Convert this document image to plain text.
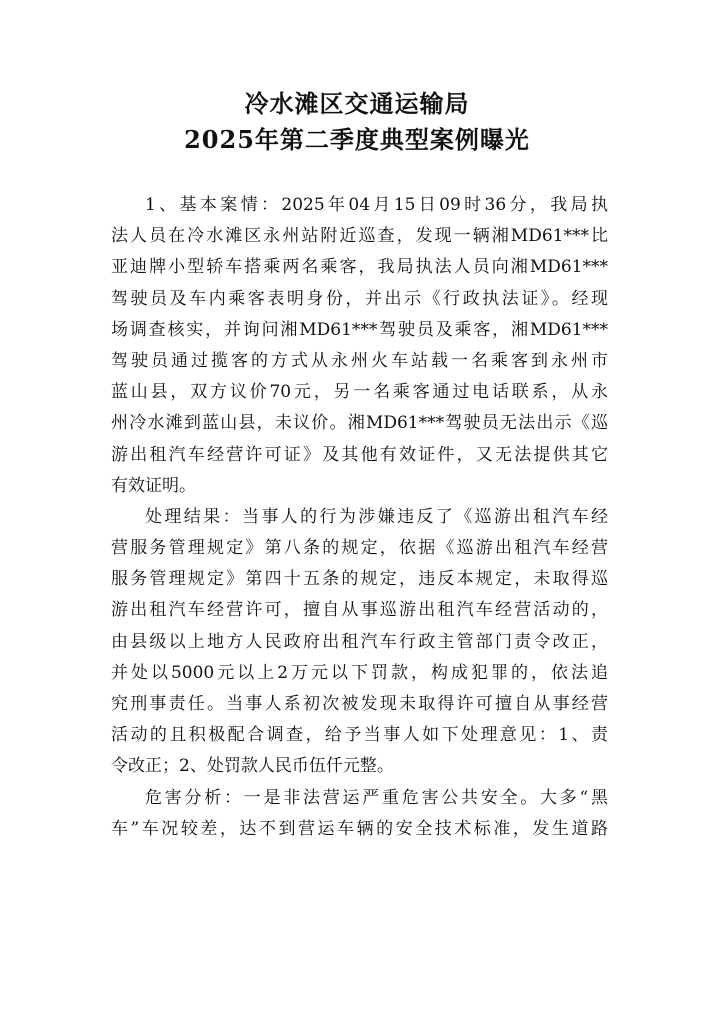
冷水滩区交通运输局
2025年第二季度典型案例曝光
1、基本案情：2025年04月15日09时36分，我局执
法人员在冷水滩区永州站附近巡查，发现一辆湘MD61***比
亚迪牌小型轿车搭乘两名乘客，我局执法人员向湘MD61***
驾驶员及车内乘客表明身份，并出示《行政执法证》。经现
场调查核实，并询问湘MD61***驾驶员及乘客，湘MD61***
驾驶员通过揽客的方式从永州火车站载一名乘客到永州市
蓝山县，双方议价70元，另一名乘客通过电话联系，从永
州冷水滩到蓝山县，未议价。湘MD61***驾驶员无法出示《巡
游出租汽车经营许可证》及其他有效证件，又无法提供其它
有效证明。
处理结果：当事人的行为涉嫌违反了《巡游出租汽车经
营服务管理规定》第八条的规定，依据《巡游出租汽车经营
服务管理规定》第四十五条的规定，违反本规定，未取得巡
游出租汽车经营许可，擅自从事巡游出租汽车经营活动的，
由县级以上地方人民政府出租汽车行政主管部门责令改正，
并处以5000元以上2万元以下罚款，构成犯罪的，依法追
究刑事责任。当事人系初次被发现未取得许可擅自从事经营
活动的且积极配合调查，给予当事人如下处理意见：1、责
令改正；2、处罚款人民币伍仟元整。
危害分析：一是非法营运严重危害公共安全。大多“黑
车”车况较差，达不到营运车辆的安全技术标准，发生道路
